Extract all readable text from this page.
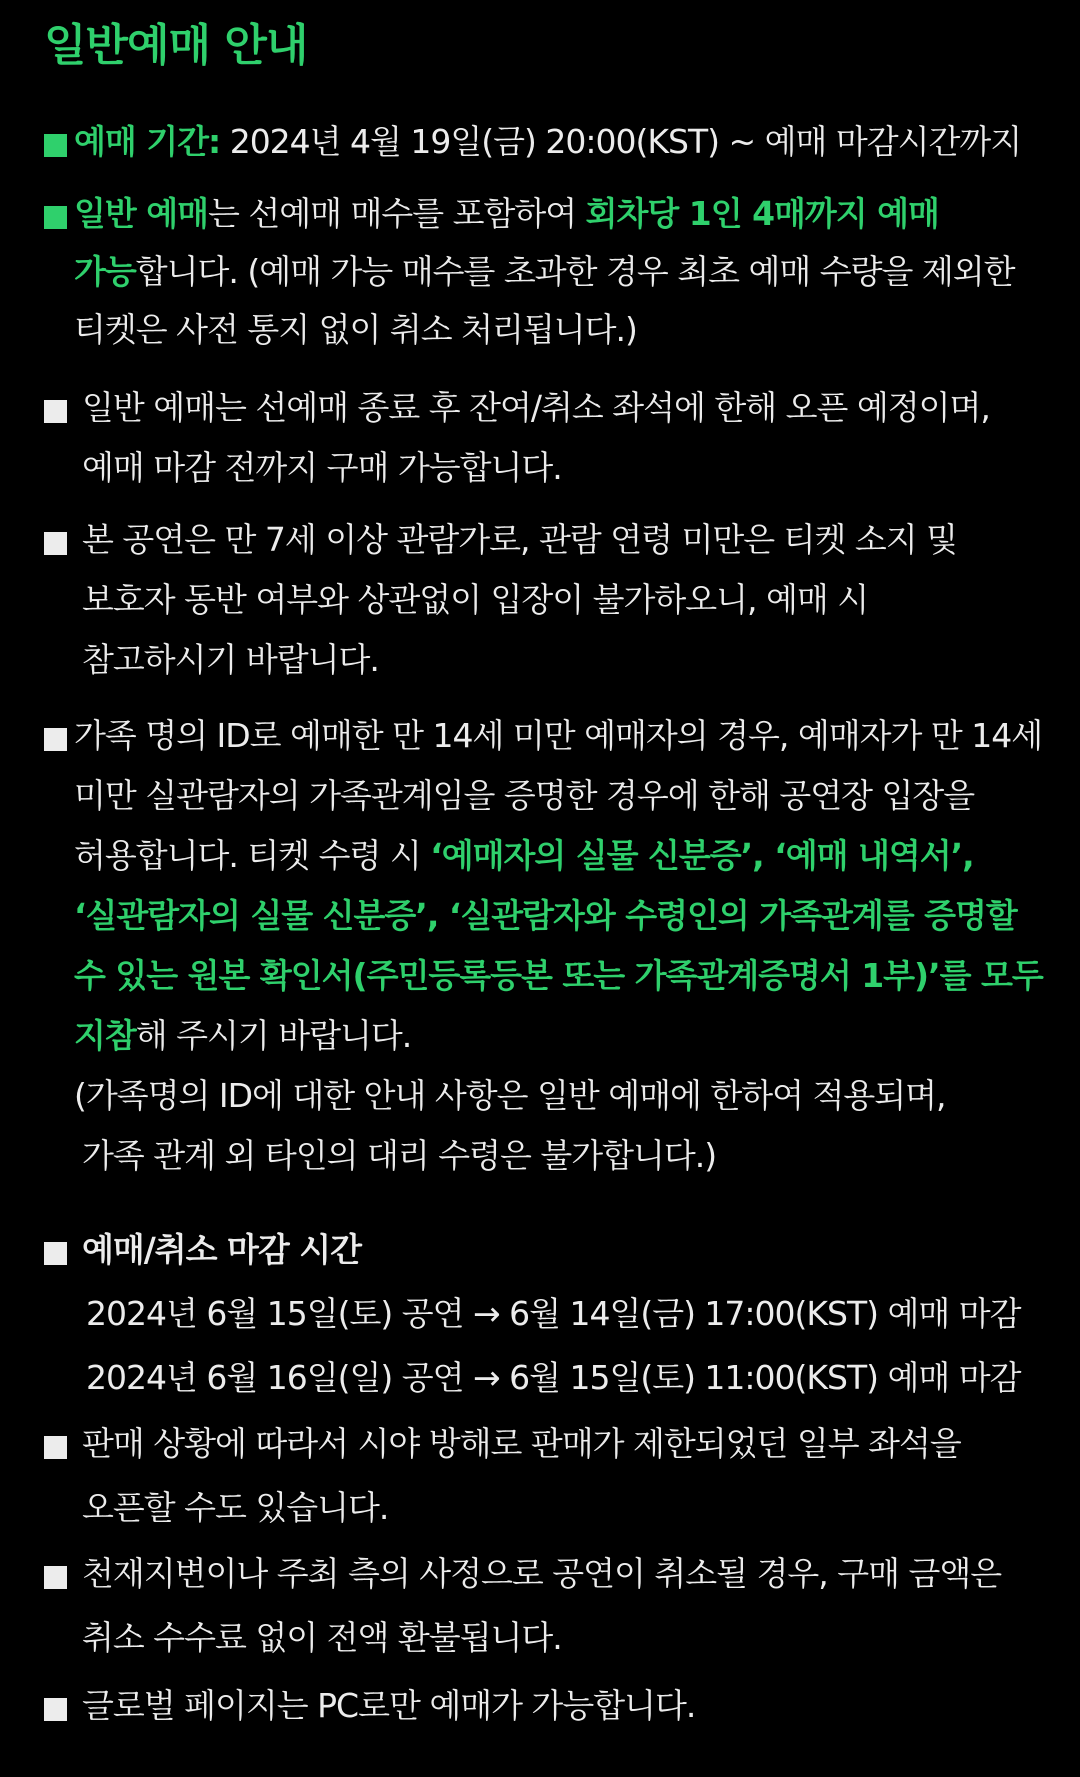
일반예매 안내
예매 기간: 2024년 4월 19일(금) 20:00(KST) ~ 예매 마감시간까지
일반 예매는 선예매 매수를 포함하여 회차당 1인 4매까지 예매
가능합니다. (예매 가능 매수를 초과한 경우 최초 예매 수량을 제외한
티켓은 사전 통지 없이 취소 처리됩니다.)
일반 예매는 선예매 종료 후 잔여/취소 좌석에 한해 오픈 예정이며,
예매 마감 전까지 구매 가능합니다.
본 공연은 만 7세 이상 관람가로, 관람 연령 미만은 티켓 소지 및
보호자 동반 여부와 상관없이 입장이 불가하오니, 예매 시
참고하시기 바랍니다.
가족 명의 ID로 예매한 만 14세 미만 예매자의 경우, 예매자가 만 14세
미만 실관람자의 가족관계임을 증명한 경우에 한해 공연장 입장을
허용합니다. 티켓 수령 시 ‘예매자의 실물 신분증’, ‘예매 내역서’,
‘실관람자의 실물 신분증’, ‘실관람자와 수령인의 가족관계를 증명할
수 있는 원본 확인서(주민등록등본 또는 가족관계증명서 1부)’를 모두
지참해 주시기 바랍니다.
(가족명의 ID에 대한 안내 사항은 일반 예매에 한하여 적용되며,
가족 관계 외 타인의 대리 수령은 불가합니다.)
예매/취소 마감 시간
2024년 6월 15일(토) 공연 → 6월 14일(금) 17:00(KST) 예매 마감
2024년 6월 16일(일) 공연 → 6월 15일(토) 11:00(KST) 예매 마감
판매 상황에 따라서 시야 방해로 판매가 제한되었던 일부 좌석을
오픈할 수도 있습니다.
천재지변이나 주최 측의 사정으로 공연이 취소될 경우, 구매 금액은
취소 수수료 없이 전액 환불됩니다.
글로벌 페이지는 PC로만 예매가 가능합니다.
